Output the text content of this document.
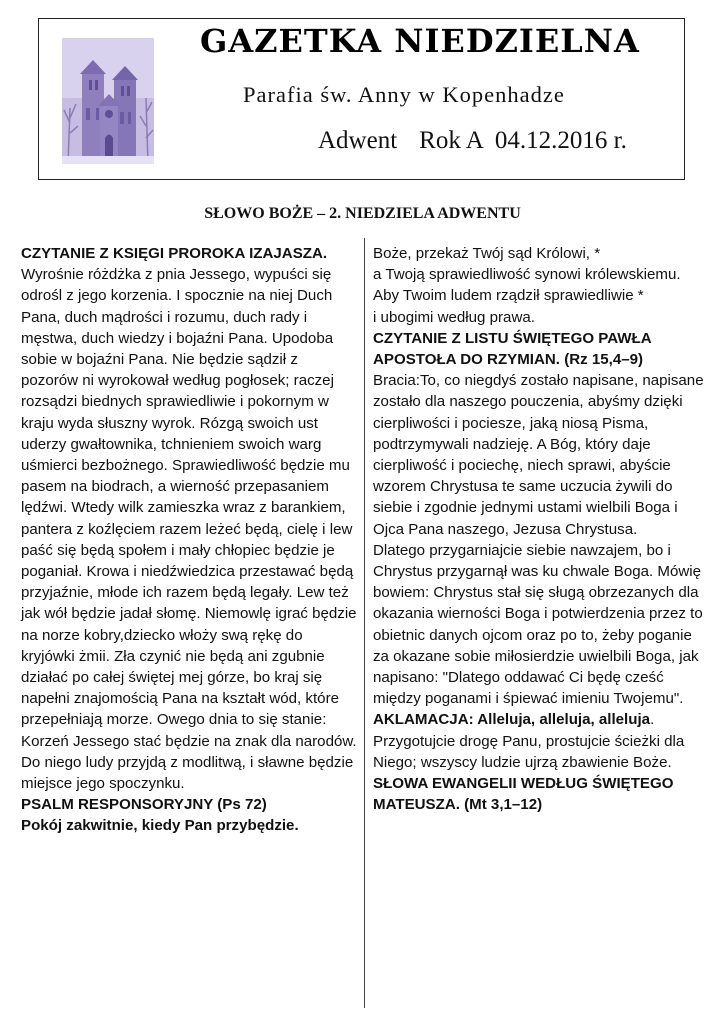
GAZETKA NIEDZIELNA
Parafia św. Anny w Kopenhadze
Adwent Rok A  04.12.2016 r.
SŁOWO BOŻE – 2. NIEDZIELA ADWENTU

CZYTANIE Z KSIĘGI PROROKA IZAJASZA.

Wyrośnie różdżka z pnia Jessego, wypuści się odrośl z jego korzenia. I spocznie na niej Duch Pana, duch mądrości i rozumu, duch rady i męstwa, duch wiedzy i bojaźni Pana. Upodoba sobie w bojaźni Pana. Nie będzie sądził z pozorów ni wyrokował według pogłosek; raczej rozsądzi biednych sprawiedliwie i pokornym w kraju wyda słuszny wyrok. Rózgą swoich ust uderzy gwałtownika, tchnieniem swoich warg uśmierci bezbożnego. Sprawiedliwość będzie mu pasem na biodrach, a wierność przepasaniem lędźwi. Wtedy wilk zamieszka wraz z barankiem, pantera z koźlęciem razem leżeć będą, cielę i lew paść się będą społem i mały chłopiec będzie je poganiał. Krowa i niedźwiedzica przestawać będą przyjaźnie, młode ich razem będą legały. Lew też jak wół będzie jadał słomę. Niemowlę igrać będzie na norze kobry,dziecko włoży swą rękę do kryjówki żmii. Zła czynić nie będą ani zgubnie działać po całej świętej mej górze, bo kraj się napełni znajomością Pana na kształt wód, które przepełniają morze. Owego dnia to się stanie: Korzeń Jessego stać będzie na znak dla narodów. Do niego ludy przyjdą z modlitwą, i sławne będzie miejsce jego spoczynku.

PSALM RESPONSORYJNY (Ps 72)

Pokój zakwitnie, kiedy Pan przybędzie.

Boże, przekaż Twój sąd Królowi, *

a Twoją sprawiedliwość synowi królewskiemu.

Aby Twoim ludem rządził sprawiedliwie *

i ubogimi według prawa.

CZYTANIE Z LISTU ŚWIĘTEGO PAWŁA APOSTOŁA DO RZYMIAN. (Rz 15,4–9)

Bracia:To, co niegdyś zostało napisane, napisane zostało dla naszego pouczenia, abyśmy dzięki cierpliwości i pociesze, jaką niosą Pisma, podtrzymywali nadzieję. A Bóg, który daje cierpliwość i pociechę, niech sprawi, abyście wzorem Chrystusa te same uczucia żywili do siebie i zgodnie jednymi ustami wielbili Boga i Ojca Pana naszego, Jezusa Chrystusa.

Dlatego przygarniajcie siebie nawzajem, bo i Chrystus przygarnął was ku chwale Boga. Mówię bowiem: Chrystus stał się sługą obrzezanych dla okazania wierności Boga i potwierdzenia przez to obietnic danych ojcom oraz po to, żeby poganie za okazane sobie miłosierdzie uwielbili Boga, jak napisano: "Dlatego oddawać Ci będę cześć między poganami i śpiewać imieniu Twojemu".

AKLAMACJA: Alleluja, alleluja, alleluja.

Przygotujcie drogę Panu, prostujcie ścieżki dla Niego; wszyscy ludzie ujrzą zbawienie Boże.

SŁOWA EWANGELII WEDŁUG ŚWIĘTEGO MATEUSZA. (Mt 3,1–12)
